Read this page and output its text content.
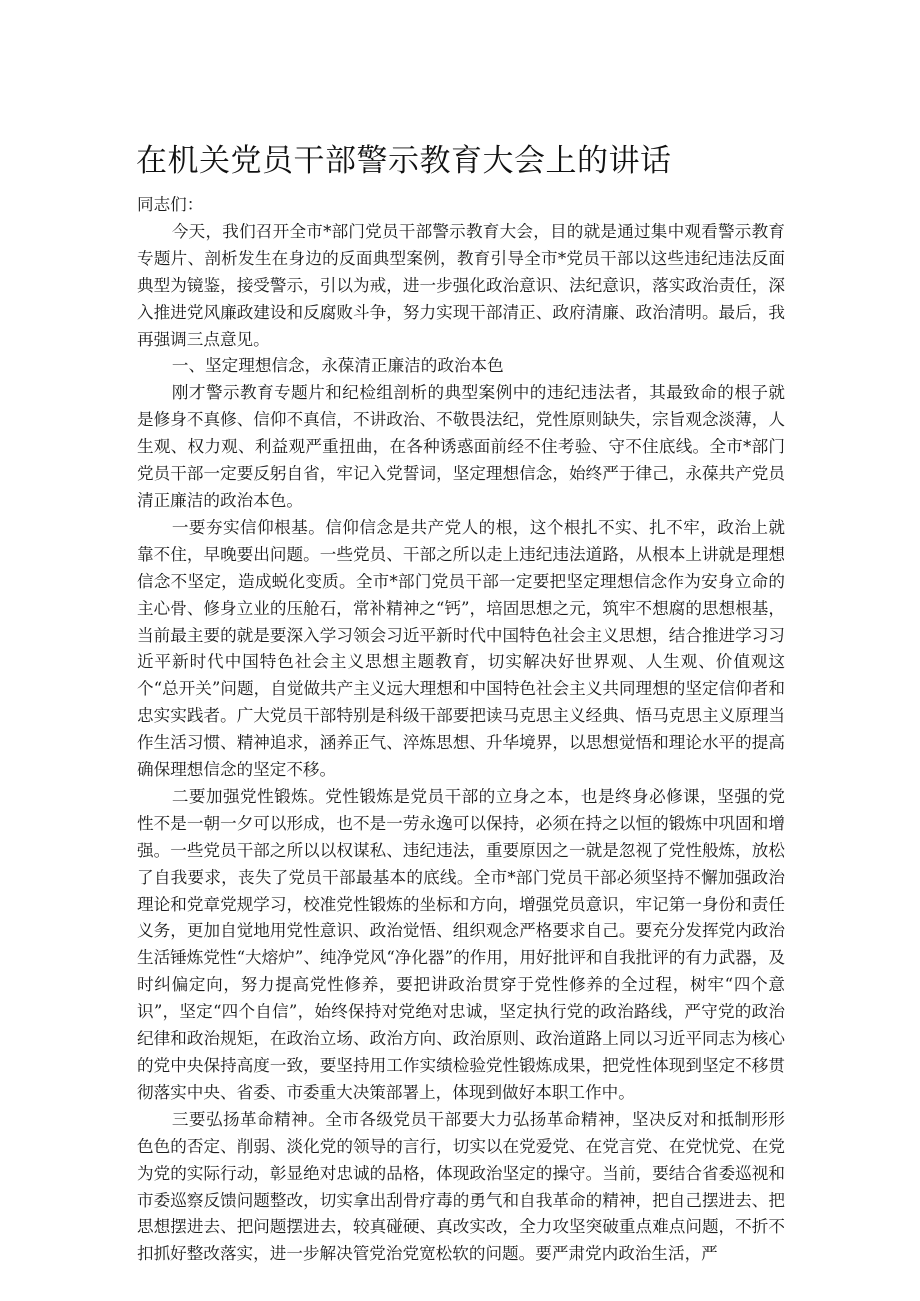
在机关党员干部警示教育大会上的讲话

同志们：

今天，我们召开全市*部门党员干部警示教育大会，目的就是通过集中观看警示教育专题片、剖析发生在身边的反面典型案例，教育引导全市*党员干部以这些违纪违法反面典型为镜鉴，接受警示，引以为戒，进一步强化政治意识、法纪意识，落实政治责任，深入推进党风廉政建设和反腐败斗争，努力实现干部清正、政府清廉、政治清明。最后，我再强调三点意见。

一、坚定理想信念，永葆清正廉洁的政治本色

刚才警示教育专题片和纪检组剖析的典型案例中的违纪违法者，其最致命的根子就是修身不真修、信仰不真信，不讲政治、不敬畏法纪，党性原则缺失，宗旨观念淡薄，人生观、权力观、利益观严重扭曲，在各种诱惑面前经不住考验、守不住底线。全市*部门党员干部一定要反躬自省，牢记入党誓词，坚定理想信念，始终严于律己，永葆共产党员清正廉洁的政治本色。

一要夯实信仰根基。信仰信念是共产党人的根，这个根扎不实、扎不牢，政治上就靠不住，早晚要出问题。一些党员、干部之所以走上违纪违法道路，从根本上讲就是理想信念不坚定，造成蜕化变质。全市*部门党员干部一定要把坚定理想信念作为安身立命的主心骨、修身立业的压舱石，常补精神之“钙”，培固思想之元，筑牢不想腐的思想根基，当前最主要的就是要深入学习领会习近平新时代中国特色社会主义思想，结合推进学习习近平新时代中国特色社会主义思想主题教育，切实解决好世界观、人生观、价值观这个“总开关”问题，自觉做共产主义远大理想和中国特色社会主义共同理想的坚定信仰者和忠实实践者。广大党员干部特别是科级干部要把读马克思主义经典、悟马克思主义原理当作生活习惯、精神追求，涵养正气、淬炼思想、升华境界，以思想觉悟和理论水平的提高确保理想信念的坚定不移。

二要加强党性锻炼。党性锻炼是党员干部的立身之本，也是终身必修课，坚强的党性不是一朝一夕可以形成，也不是一劳永逸可以保持，必须在持之以恒的锻炼中巩固和增强。一些党员干部之所以以权谋私、违纪违法，重要原因之一就是忽视了党性般炼，放松了自我要求，丧失了党员干部最基本的底线。全市*部门党员干部必须坚持不懈加强政治理论和党章党规学习，校准党性锻炼的坐标和方向，增强党员意识，牢记第一身份和责任义务，更加自觉地用党性意识、政治觉悟、组织观念严格要求自己。要充分发挥党内政治生活锤炼党性“大熔炉”、纯净党风“净化器”的作用，用好批评和自我批评的有力武器，及时纠偏定向，努力提高党性修养，要把讲政治贯穿于党性修养的全过程，树牢“四个意识”，坚定“四个自信”，始终保持对党绝对忠诚，坚定执行党的政治路线，严守党的政治纪律和政治规矩，在政治立场、政治方向、政治原则、政治道路上同以习近平同志为核心的党中央保持高度一致，要坚持用工作实绩检验党性锻炼成果，把党性体现到坚定不移贯彻落实中央、省委、市委重大决策部署上，体现到做好本职工作中。

三要弘扬革命精神。全市各级党员干部要大力弘扬革命精神，坚决反对和抵制形形色色的否定、削弱、淡化党的领导的言行，切实以在党爱党、在党言党、在党忧党、在党为党的实际行动，彰显绝对忠诚的品格，体现政治坚定的操守。当前，要结合省委巡视和市委巡察反馈问题整改，切实拿出刮骨疗毒的勇气和自我革命的精神，把自己摆进去、把思想摆进去、把问题摆进去，较真碰硬、真改实改，全力攻坚突破重点难点问题，不折不扣抓好整改落实，进一步解决管党治党宽松软的问题。要严肃党内政治生活，严
